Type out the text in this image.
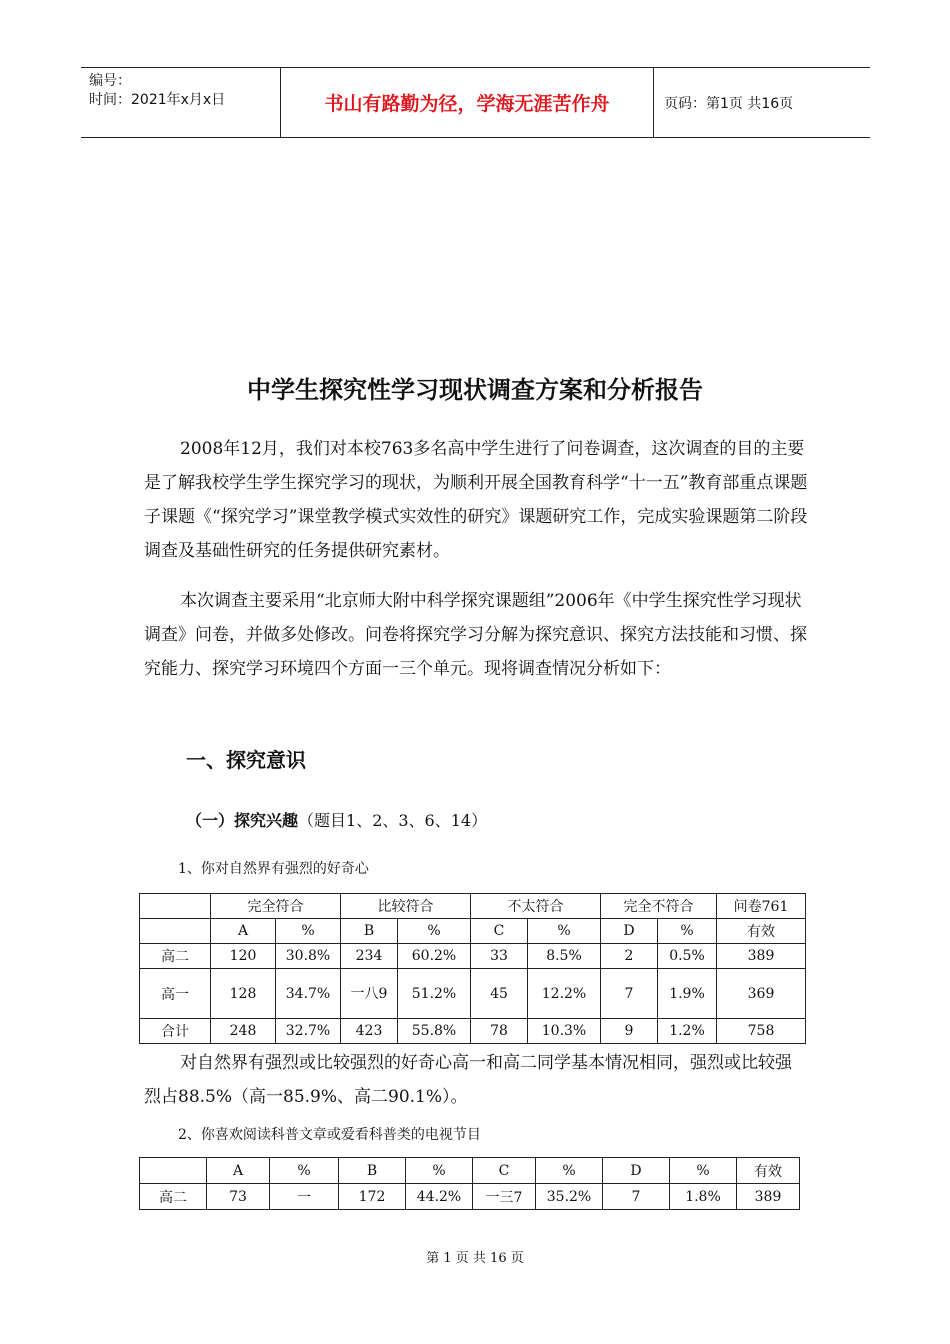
编号：
时间：2021年x月x日	书山有路勤为径，学海无涯苦作舟	页码：第1页 共16页
中学生探究性学习现状调查方案和分析报告

2008年12月，我们对本校763多名高中学生进行了问卷调查，这次调查的目的主要是了解我校学生学生探究学习的现状，为顺利开展全国教育科学“十一五”教育部重点课题子课题《“探究学习”课堂教学模式实效性的研究》课题研究工作，完成实验课题第二阶段调查及基础性研究的任务提供研究素材。

本次调查主要采用“北京师大附中科学探究课题组”2006年《中学生探究性学习现状调查》问卷，并做多处修改。问卷将探究学习分解为探究意识、探究方法技能和习惯、探究能力、探究学习环境四个方面一三个单元。现将调查情况分析如下：

一、探究意识
（一）探究兴趣（题目1、2、3、6、14）
1、你对自然界有强烈的好奇心
	完全符合		比较符合		不太符合		完全不符合		问卷761
	A	%	B	%	C	%	D	%	有效
高二	120	30.8%	234	60.2%	33	8.5%	2	0.5%	389
高一	128	34.7%	一八9	51.2%	45	12.2%	7	1.9%	369
合计	248	32.7%	423	55.8%	78	10.3%	9	1.2%	758

对自然界有强烈或比较强烈的好奇心高一和高二同学基本情况相同，强烈或比较强烈占88.5%（高一85.9%、高二90.1%）。

2、你喜欢阅读科普文章或爱看科普类的电视节目
	A	%	B	%	C	%	D	%	有效
高二	73	一	172	44.2%	一三7	35.2%	7	1.8%	389
第 1 页 共 16 页
